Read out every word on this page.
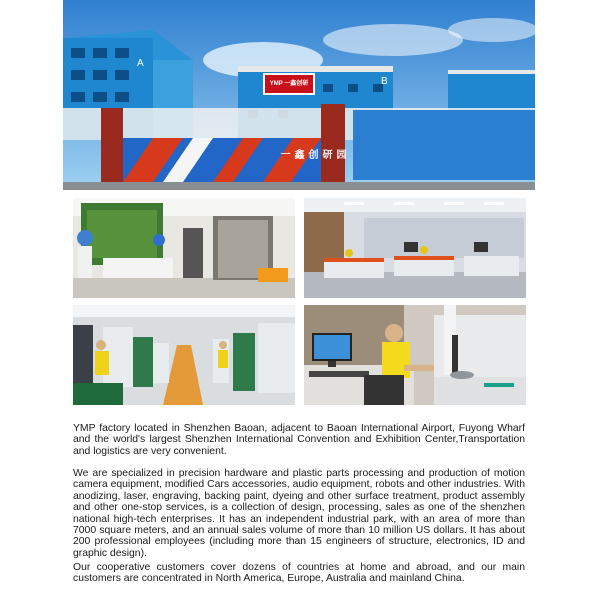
A
B
YMP 一鑫创研
一鑫创研园

YMP factory located in Shenzhen Baoan, adjacent to Baoan International Airport, Fuyong Wharf and the world's largest Shenzhen International Convention and Exhibition Center,Transportation and logistics are very convenient.

We are specialized in precision hardware and plastic parts processing and production of motion camera equipment, modified Cars accessories, audio equipment, robots and other industries. With anodizing, laser, engraving, backing paint, dyeing and other surface treatment, product assembly and other one-stop services, is a collection of design, processing, sales as one of the shenzhen national high-tech enterprises. It has an independent industrial park, with an area of more than 7000 square meters, and an annual sales volume of more than 10 million US dollars. It has about 200 professional employees (including more than 15 engineers of structure, electronics, ID and graphic design).

Our cooperative customers cover dozens of countries at home and abroad, and our main customers are concentrated in North America, Europe, Australia and mainland China.
